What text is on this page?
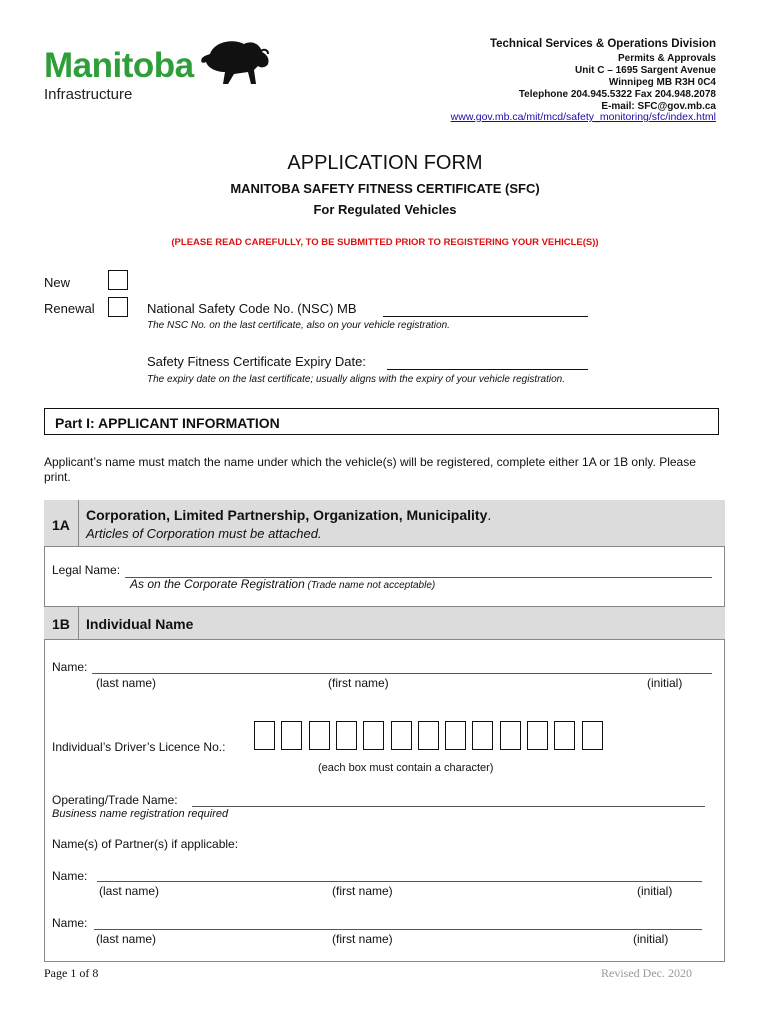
Manitoba
Infrastructure
Technical Services & Operations Division
Permits & Approvals
Unit C – 1695 Sargent Avenue
Winnipeg MB R3H 0C4
Telephone 204.945.5322 Fax 204.948.2078
E-mail: SFC@gov.mb.ca
www.gov.mb.ca/mit/mcd/safety_monitoring/sfc/index.html
APPLICATION FORM
MANITOBA SAFETY FITNESS CERTIFICATE (SFC)
For Regulated Vehicles
(PLEASE READ CAREFULLY, TO BE SUBMITTED PRIOR TO REGISTERING YOUR VEHICLE(S))
New
Renewal	National Safety Code No. (NSC) MB
The NSC No. on the last certificate, also on your vehicle registration.
Safety Fitness Certificate Expiry Date:
The expiry date on the last certificate; usually aligns with the expiry of your vehicle registration.
Part I: APPLICANT INFORMATION
Applicant’s name must match the name under which the vehicle(s) will be registered, complete either 1A or 1B only. Please print.
1A
Corporation, Limited Partnership, Organization, Municipality.
Articles of Corporation must be attached.
Legal Name:
As on the Corporate Registration (Trade name not acceptable)
1B Individual Name
Name:
(last name)	(first name)	(initial)
Individual’s Driver’s Licence No.:
(each box must contain a character)
Operating/Trade Name:
Business name registration required
Name(s) of Partner(s) if applicable:
Name:
(last name)	(first name)	(initial)
Name:
(last name)	(first name)	(initial)
Page 1 of 8	Revised Dec. 2020
